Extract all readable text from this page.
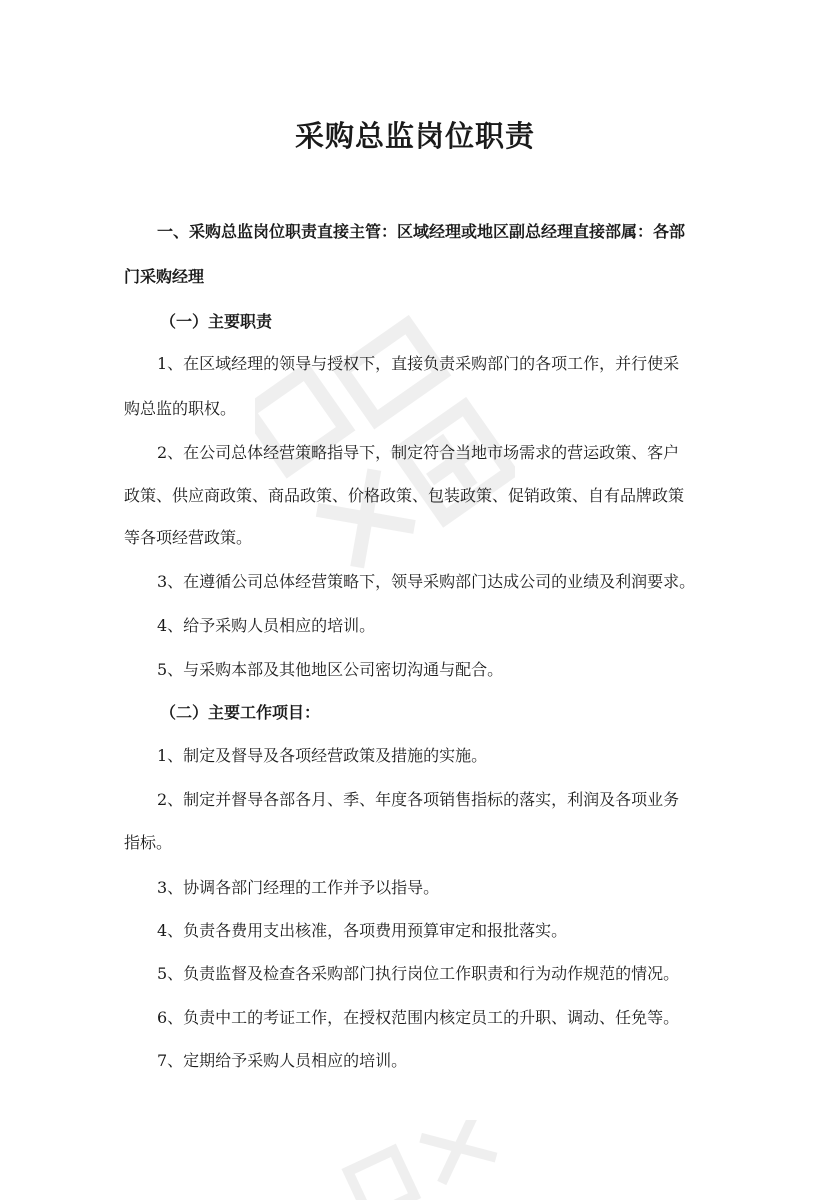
采购总监岗位职责
一、采购总监岗位职责直接主管：区域经理或地区副总经理直接部属：各部
门采购经理
（一）主要职责
1、在区域经理的领导与授权下，直接负责采购部门的各项工作，并行使采
购总监的职权。
2、在公司总体经营策略指导下，制定符合当地市场需求的营运政策、客户
政策、供应商政策、商品政策、价格政策、包装政策、促销政策、自有品牌政策
等各项经营政策。
3、在遵循公司总体经营策略下，领导采购部门达成公司的业绩及利润要求。
4、给予采购人员相应的培训。
5、与采购本部及其他地区公司密切沟通与配合。
（二）主要工作项目：
1、制定及督导及各项经营政策及措施的实施。
2、制定并督导各部各月、季、年度各项销售指标的落实，利润及各项业务
指标。
3、协调各部门经理的工作并予以指导。
4、负责各费用支出核准，各项费用预算审定和报批落实。
5、负责监督及检查各采购部门执行岗位工作职责和行为动作规范的情况。
6、负责中工的考证工作，在授权范围内核定员工的升职、调动、任免等。
7、定期给予采购人员相应的培训。
